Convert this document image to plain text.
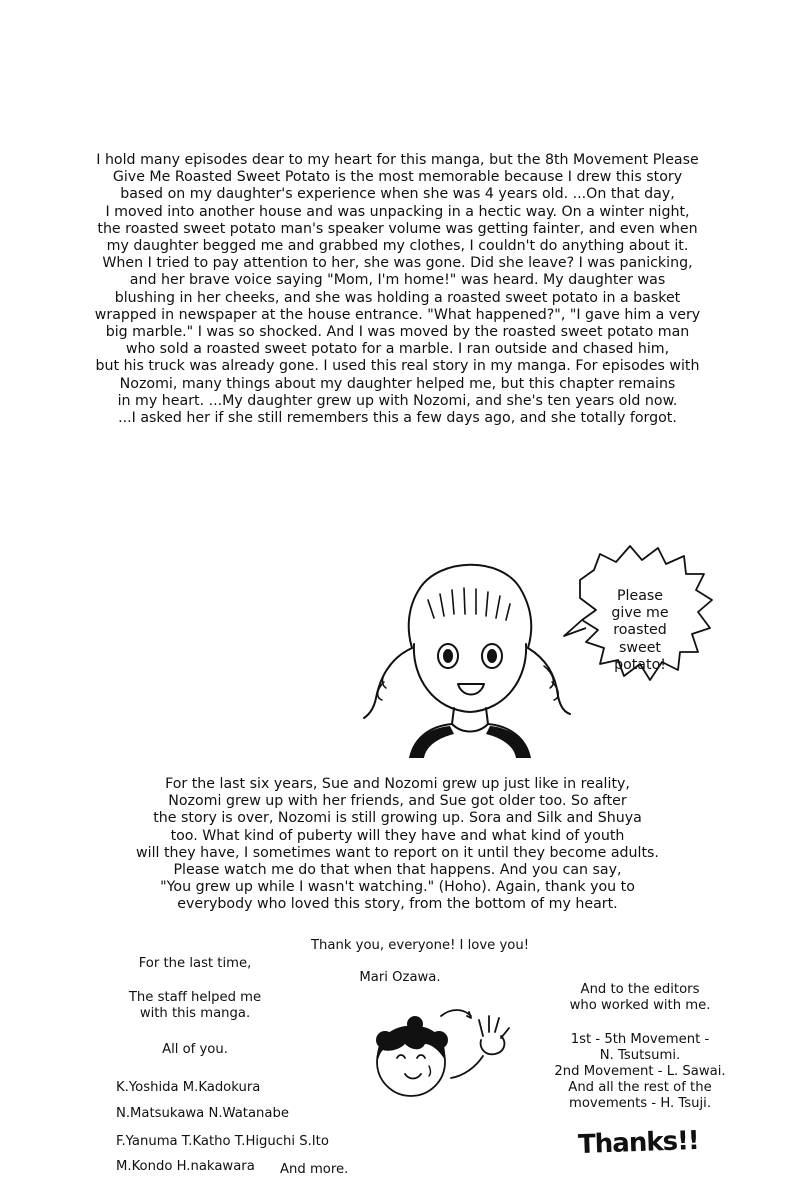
I hold many episodes dear to my heart for this manga, but the 8th Movement Please
Give Me Roasted Sweet Potato is the most memorable because I drew this story
based on my daughter's experience when she was 4 years old. ...On that day,
I moved into another house and was unpacking in a hectic way. On a winter night,
the roasted sweet potato man's speaker volume was getting fainter, and even when
my daughter begged me and grabbed my clothes, I couldn't do anything about it.
When I tried to pay attention to her, she was gone. Did she leave? I was panicking,
and her brave voice saying "Mom, I'm home!" was heard. My daughter was
blushing in her cheeks, and she was holding a roasted sweet potato in a basket
wrapped in newspaper at the house entrance. "What happened?", "I gave him a very
big marble." I was so shocked. And I was moved by the roasted sweet potato man
who sold a roasted sweet potato for a marble. I ran outside and chased him,
but his truck was already gone. I used this real story in my manga. For episodes with
Nozomi, many things about my daughter helped me, but this chapter remains
in my heart. ...My daughter grew up with Nozomi, and she's ten years old now.
...I asked her if she still remembers this a few days ago, and she totally forgot.
Please
give me
roasted
sweet
potato!
For the last six years, Sue and Nozomi grew up just like in reality,
Nozomi grew up with her friends, and Sue got older too. So after
the story is over, Nozomi is still growing up. Sora and Silk and Shuya
too. What kind of puberty will they have and what kind of youth
will they have, I sometimes want to report on it until they become adults.
Please watch me do that when that happens. And you can say,
"You grew up while I wasn't watching." (Hoho). Again, thank you to
everybody who loved this story, from the bottom of my heart.
Thank you, everyone! I love you!
Mari Ozawa.
For the last time,
The staff helped me
with this manga.
All of you.
K.Yoshida M.Kadokura
N.Matsukawa N.Watanabe
F.Yanuma T.Katho T.Higuchi S.Ito
M.Kondo H.nakawara And more.
And to the editors
who worked with me.
1st - 5th Movement -
N. Tsutsumi.
2nd Movement - L. Sawai.
And all the rest of the
movements - H. Tsuji.
Thanks!!
